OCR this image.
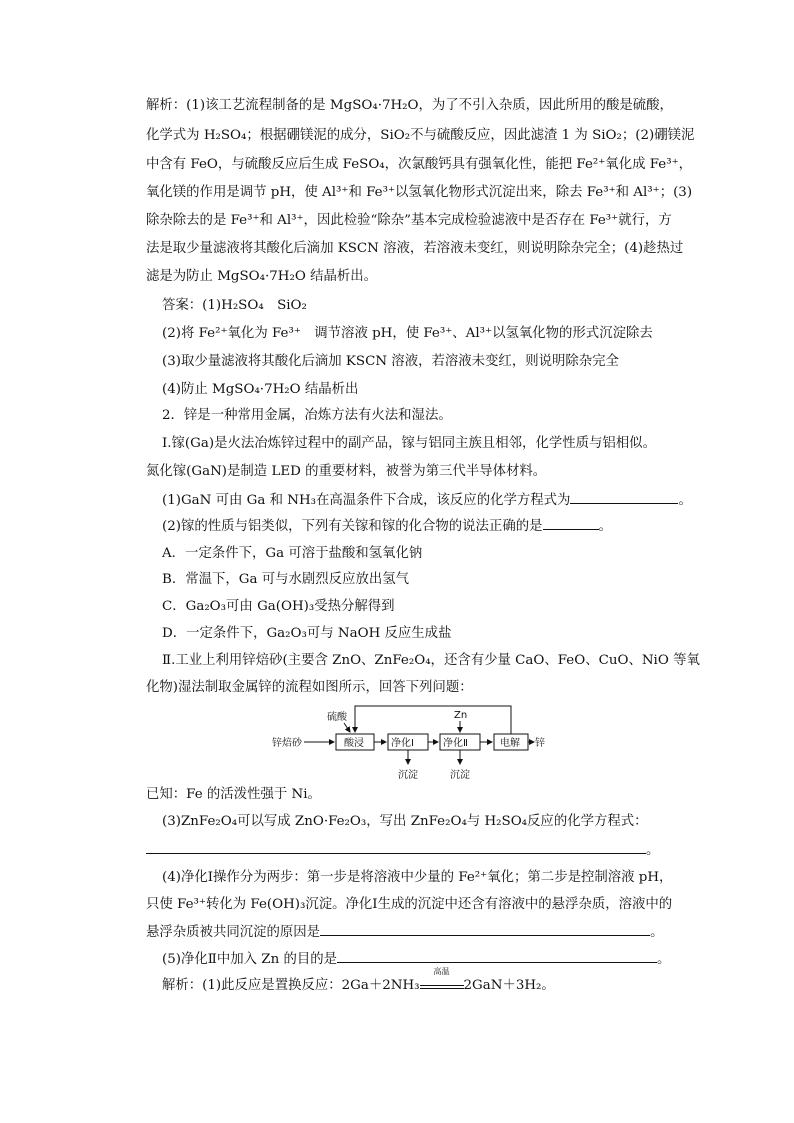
解析：(1)该工艺流程制备的是 MgSO₄·7H₂O，为了不引入杂质，因此所用的酸是硫酸，
化学式为 H₂SO₄；根据硼镁泥的成分，SiO₂不与硫酸反应，因此滤渣 1 为 SiO₂；(2)硼镁泥
中含有 FeO，与硫酸反应后生成 FeSO₄，次氯酸钙具有强氧化性，能把 Fe²⁺氧化成 Fe³⁺，
氧化镁的作用是调节 pH，使 Al³⁺和 Fe³⁺以氢氧化物形式沉淀出来，除去 Fe³⁺和 Al³⁺；(3)
除杂除去的是 Fe³⁺和 Al³⁺，因此检验“除杂”基本完成检验滤液中是否存在 Fe³⁺就行，方
法是取少量滤液将其酸化后滴加 KSCN 溶液，若溶液未变红，则说明除杂完全；(4)趁热过
滤是为防止 MgSO₄·7H₂O 结晶析出。
答案：(1)H₂SO₄　SiO₂
(2)将 Fe²⁺氧化为 Fe³⁺　调节溶液 pH，使 Fe³⁺、Al³⁺以氢氧化物的形式沉淀除去
(3)取少量滤液将其酸化后滴加 KSCN 溶液，若溶液未变红，则说明除杂完全
(4)防止 MgSO₄·7H₂O 结晶析出
2．锌是一种常用金属，冶炼方法有火法和湿法。
Ⅰ.镓(Ga)是火法冶炼锌过程中的副产品，镓与铝同主族且相邻，化学性质与铝相似。
氮化镓(GaN)是制造 LED 的重要材料，被誉为第三代半导体材料。
(1)GaN 可由 Ga 和 NH₃在高温条件下合成，该反应的化学方程式为	。
(2)镓的性质与铝类似，下列有关镓和镓的化合物的说法正确的是	。
A．一定条件下，Ga 可溶于盐酸和氢氧化钠
B．常温下，Ga 可与水剧烈反应放出氢气
C．Ga₂O₃可由 Ga(OH)₃受热分解得到
D．一定条件下，Ga₂O₃可与 NaOH 反应生成盐
Ⅱ.工业上利用锌焙砂(主要含 ZnO、ZnFe₂O₄，还含有少量 CaO、FeO、CuO、NiO 等氧
化物)湿法制取金属锌的流程如图所示，回答下列问题：
锌焙砂	酸浸	净化Ⅰ	净化Ⅱ	电解 锌
硫酸	Zn
沉淀	沉淀
已知：Fe 的活泼性强于 Ni。
(3)ZnFe₂O₄可以写成 ZnO·Fe₂O₃，写出 ZnFe₂O₄与 H₂SO₄反应的化学方程式：
。
(4)净化Ⅰ操作分为两步：第一步是将溶液中少量的 Fe²⁺氧化；第二步是控制溶液 pH，
只使 Fe³⁺转化为 Fe(OH)₃沉淀。净化Ⅰ生成的沉淀中还含有溶液中的悬浮杂质，溶液中的
悬浮杂质被共同沉淀的原因是	。
(5)净化Ⅱ中加入 Zn 的目的是	。
解析：(1)此反应是置换反应：2Ga＋2NH₃
高温
2GaN＋3H₂。
